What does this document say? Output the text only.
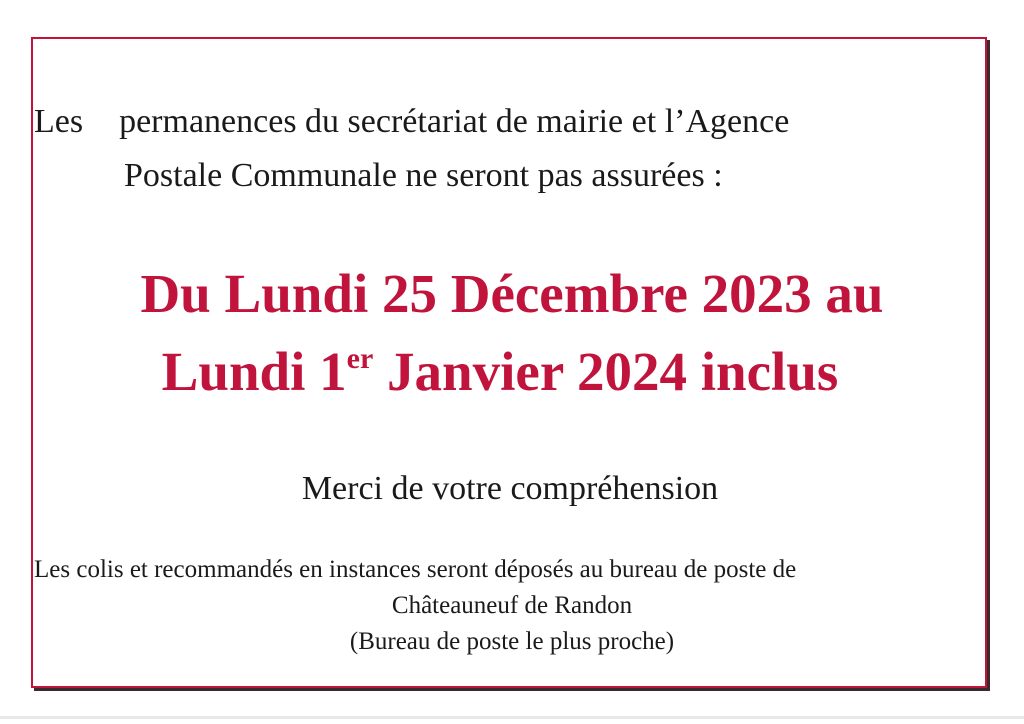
Les permanences du secrétariat de mairie et l’Agence
Postale Communale ne seront pas assurées :
Du Lundi 25 Décembre 2023 au
Lundi 1er Janvier 2024 inclus
Merci de votre compréhension
Les colis et recommandés en instances seront déposés au bureau de poste de
Châteauneuf de Randon
(Bureau de poste le plus proche)
